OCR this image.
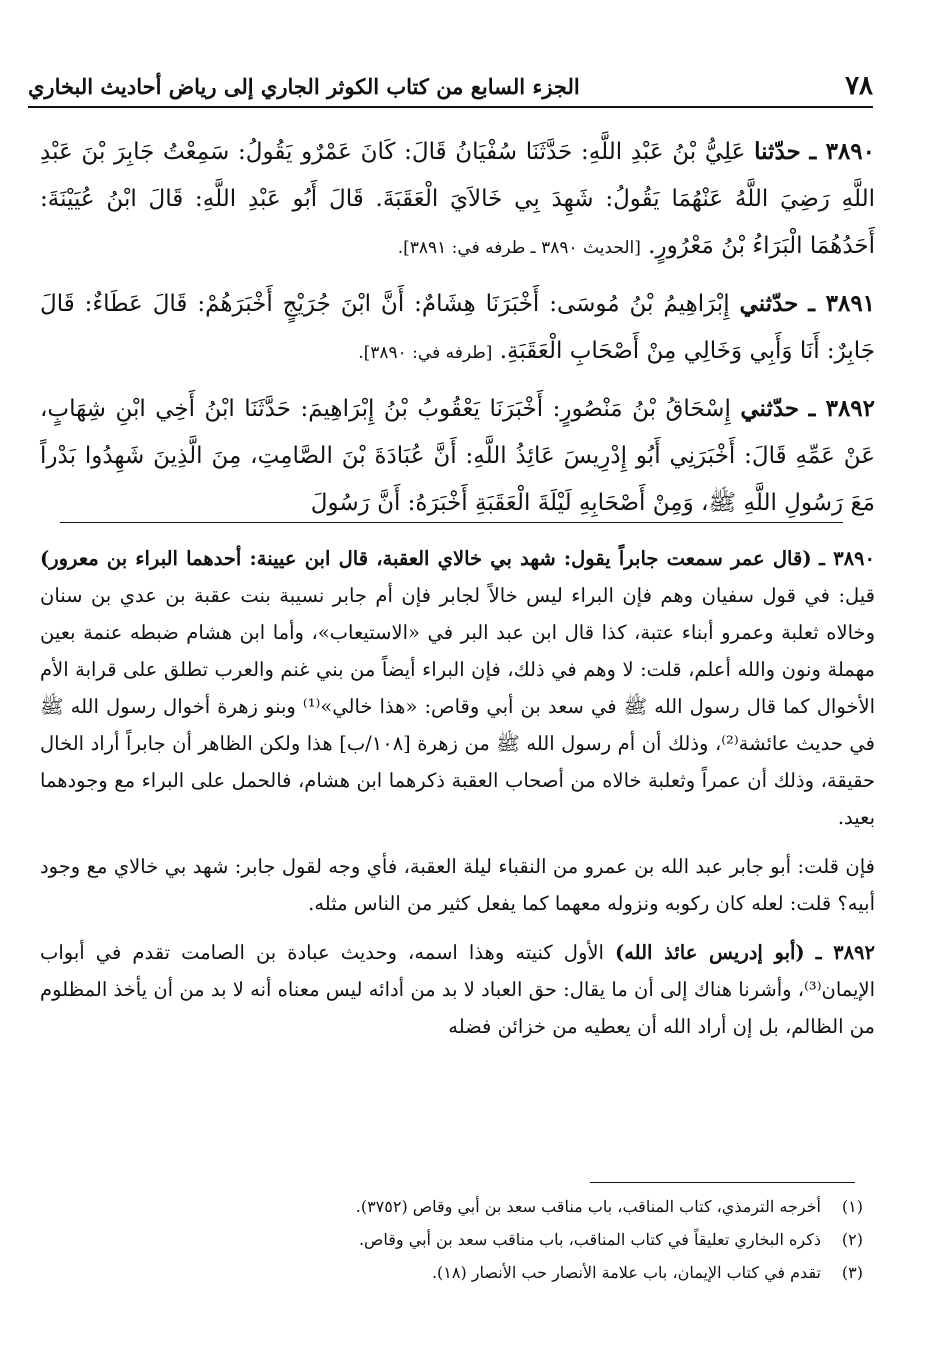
٧٨
الجزء السابع من كتاب الكوثر الجاري إلى رياض أحاديث البخاري

٣٨٩٠ ـ حدّثنا عَلِيُّ بْنُ عَبْدِ اللَّهِ: حَدَّثَنَا سُفْيَانُ قَالَ: كَانَ عَمْرٌو يَقُولُ: سَمِعْتُ جَابِرَ بْنَ عَبْدِ اللَّهِ رَضِيَ اللَّهُ عَنْهُمَا يَقُولُ: شَهِدَ بِي خَالاَيَ الْعَقَبَةَ. قَالَ أَبُو عَبْدِ اللَّهِ: قَالَ ابْنُ عُيَيْنَةَ: أَحَدُهُمَا الْبَرَاءُ بْنُ مَعْرُورٍ. [الحديث ٣٨٩٠ ـ طرفه في: ٣٨٩١].

٣٨٩١ ـ حدّثني إِبْرَاهِيمُ بْنُ مُوسَى: أَخْبَرَنَا هِشَامٌ: أَنَّ ابْنَ جُرَيْجٍ أَخْبَرَهُمْ: قَالَ عَطَاءٌ: قَالَ جَابِرٌ: أَنَا وَأَبِي وَخَالِي مِنْ أَصْحَابِ الْعَقَبَةِ. [طرفه في: ٣٨٩٠].

٣٨٩٢ ـ حدّثني إِسْحَاقُ بْنُ مَنْصُورٍ: أَخْبَرَنَا يَعْقُوبُ بْنُ إِبْرَاهِيمَ: حَدَّثَنَا ابْنُ أَخِي ابْنِ شِهَابٍ، عَنْ عَمِّهِ قَالَ: أَخْبَرَنِي أَبُو إِدْرِيسَ عَائِذُ اللَّهِ: أَنَّ عُبَادَةَ بْنَ الصَّامِتِ، مِنَ الَّذِينَ شَهِدُوا بَدْراً مَعَ رَسُولِ اللَّهِ ﷺ، وَمِنْ أَصْحَابِهِ لَيْلَةَ الْعَقَبَةِ أَخْبَرَهُ: أَنَّ رَسُولَ

٣٨٩٠ ـ (قال عمر سمعت جابراً يقول: شهد بي خالاي العقبة، قال ابن عيينة: أحدهما البراء بن معرور) قيل: في قول سفيان وهم فإن البراء ليس خالاً لجابر فإن أم جابر نسيبة بنت عقبة بن عدي بن سنان وخالاه ثعلبة وعمرو أبناء عتبة، كذا قال ابن عبد البر في «الاستيعاب»، وأما ابن هشام ضبطه عنمة بعين مهملة ونون والله أعلم، قلت: لا وهم في ذلك، فإن البراء أيضاً من بني غنم والعرب تطلق على قرابة الأم الأخوال كما قال رسول الله ﷺ في سعد بن أبي وقاص: «هذا خالي»⁽¹⁾ وبنو زهرة أخوال رسول الله ﷺ في حديث عائشة⁽²⁾، وذلك أن أم رسول الله ﷺ من زهرة [١٠٨/ب] هذا ولكن الظاهر أن جابراً أراد الخال حقيقة، وذلك أن عمراً وثعلبة خالاه من أصحاب العقبة ذكرهما ابن هشام، فالحمل على البراء مع وجودهما بعيد.

فإن قلت: أبو جابر عبد الله بن عمرو من النقباء ليلة العقبة، فأي وجه لقول جابر: شهد بي خالاي مع وجود أبيه؟ قلت: لعله كان ركوبه ونزوله معهما كما يفعل كثير من الناس مثله.

٣٨٩٢ ـ (أبو إدريس عائذ الله) الأول كنيته وهذا اسمه، وحديث عبادة بن الصامت تقدم في أبواب الإيمان⁽³⁾، وأشرنا هناك إلى أن ما يقال: حق العباد لا بد من أدائه ليس معناه أنه لا بد من أن يأخذ المظلوم من الظالم، بل إن أراد الله أن يعطيه من خزائن فضله

(١)
أخرجه الترمذي، كتاب المناقب، باب مناقب سعد بن أبي وقاص (٣٧٥٢).
(٢)
ذكره البخاري تعليقاً في كتاب المناقب، باب مناقب سعد بن أبي وقاص.
(٣)
تقدم في كتاب الإيمان، باب علامة الأنصار حب الأنصار (١٨).
